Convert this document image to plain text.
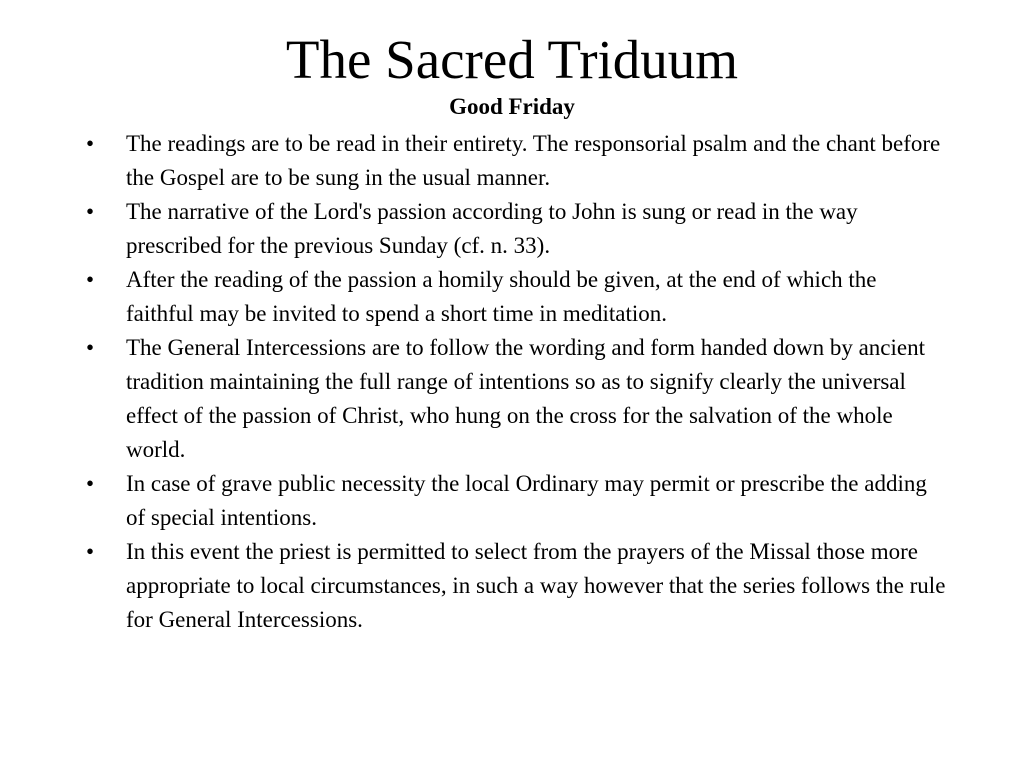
The Sacred Triduum
Good Friday
• The readings are to be read in their entirety. The responsorial psalm and the chant before the Gospel are to be sung in the usual manner.
• The narrative of the Lord's passion according to John is sung or read in the way prescribed for the previous Sunday (cf. n. 33).
• After the reading of the passion a homily should be given, at the end of which the faithful may be invited to spend a short time in meditation.
• The General Intercessions are to follow the wording and form handed down by ancient tradition maintaining the full range of intentions so as to signify clearly the universal effect of the passion of Christ, who hung on the cross for the salvation of the whole world.
• In case of grave public necessity the local Ordinary may permit or prescribe the adding of special intentions.
• In this event the priest is permitted to select from the prayers of the Missal those more appropriate to local circumstances, in such a way however that the series follows the rule for General Intercessions.
